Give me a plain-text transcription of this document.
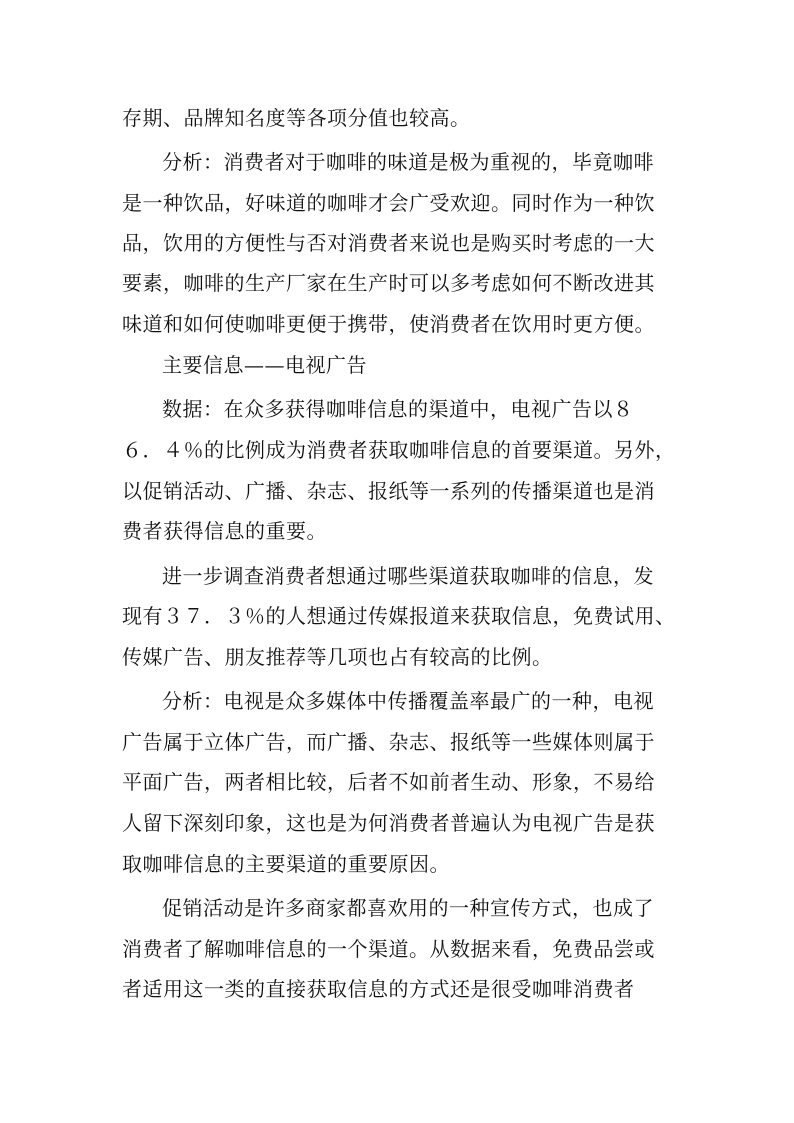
存期、品牌知名度等各项分值也较高。
分析：消费者对于咖啡的味道是极为重视的，毕竟咖啡
是一种饮品，好味道的咖啡才会广受欢迎。同时作为一种饮
品，饮用的方便性与否对消费者来说也是购买时考虑的一大
要素，咖啡的生产厂家在生产时可以多考虑如何不断改进其
味道和如何使咖啡更便于携带，使消费者在饮用时更方便。
主要信息——电视广告
数据：在众多获得咖啡信息的渠道中，电视广告以８
６．４％的比例成为消费者获取咖啡信息的首要渠道。另外，
以促销活动、广播、杂志、报纸等一系列的传播渠道也是消
费者获得信息的重要。
进一步调查消费者想通过哪些渠道获取咖啡的信息，发
现有３７．３％的人想通过传媒报道来获取信息，免费试用、
传媒广告、朋友推荐等几项也占有较高的比例。
分析：电视是众多媒体中传播覆盖率最广的一种，电视
广告属于立体广告，而广播、杂志、报纸等一些媒体则属于
平面广告，两者相比较，后者不如前者生动、形象，不易给
人留下深刻印象，这也是为何消费者普遍认为电视广告是获
取咖啡信息的主要渠道的重要原因。
促销活动是许多商家都喜欢用的一种宣传方式，也成了
消费者了解咖啡信息的一个渠道。从数据来看，免费品尝或
者适用这一类的直接获取信息的方式还是很受咖啡消费者
